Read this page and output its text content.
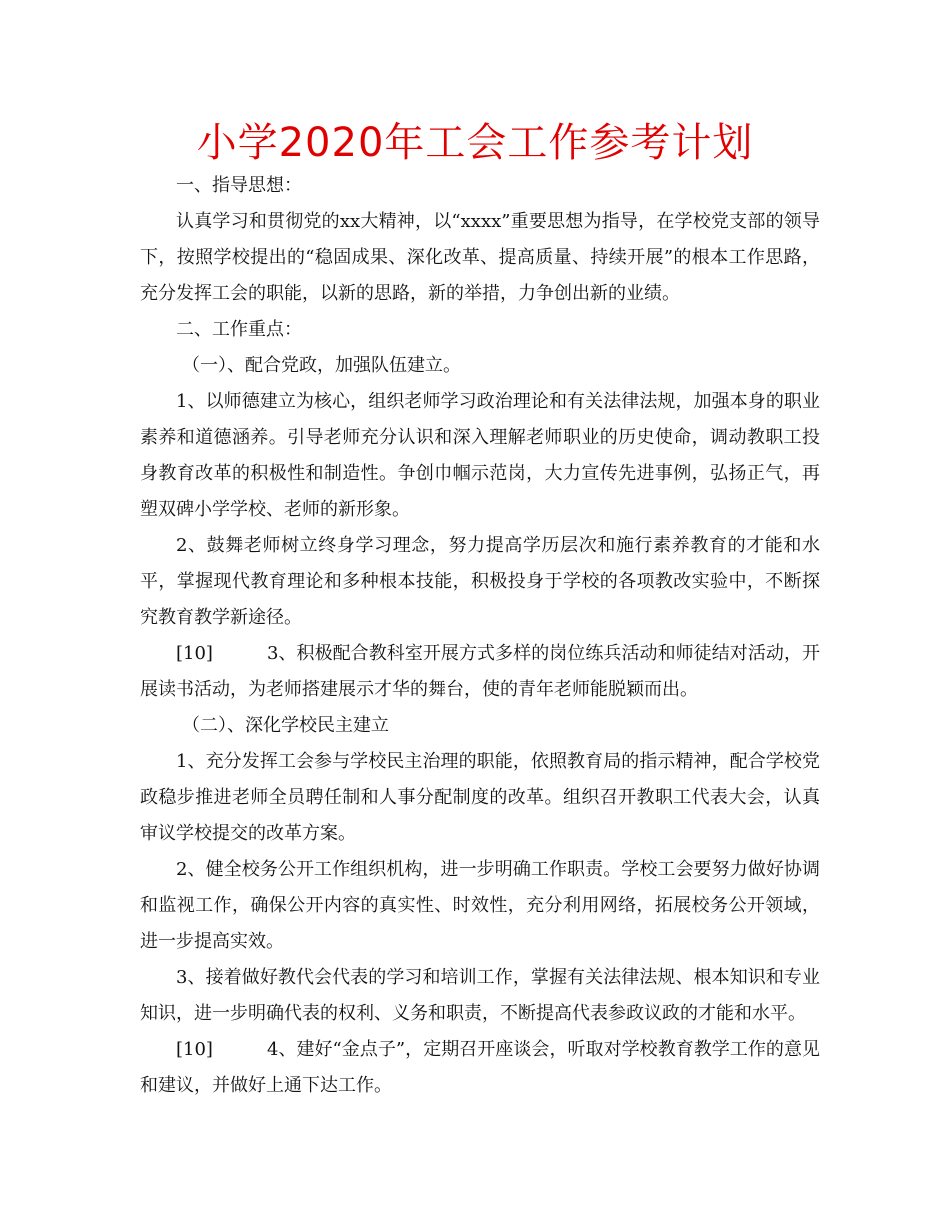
小学2020年工会工作参考计划

一、指导思想：

认真学习和贯彻党的xx大精神，以“xxxx”重要思想为指导，在学校党支部的领导下，按照学校提出的“稳固成果、深化改革、提高质量、持续开展”的根本工作思路，充分发挥工会的职能，以新的思路，新的举措，力争创出新的业绩。

二、工作重点：

（一）、配合党政，加强队伍建立。

1、以师德建立为核心，组织老师学习政治理论和有关法律法规，加强本身的职业素养和道德涵养。引导老师充分认识和深入理解老师职业的历史使命，调动教职工投身教育改革的积极性和制造性。争创巾帼示范岗，大力宣传先进事例，弘扬正气，再塑双碑小学学校、老师的新形象。

2、鼓舞老师树立终身学习理念，努力提高学历层次和施行素养教育的才能和水平，掌握现代教育理论和多种根本技能，积极投身于学校的各项教改实验中，不断探究教育教学新途径。

[10]	3、积极配合教科室开展方式多样的岗位练兵活动和师徒结对活动，开展读书活动，为老师搭建展示才华的舞台，使的青年老师能脱颖而出。

（二）、深化学校民主建立

1、充分发挥工会参与学校民主治理的职能，依照教育局的指示精神，配合学校党政稳步推进老师全员聘任制和人事分配制度的改革。组织召开教职工代表大会，认真审议学校提交的改革方案。

2、健全校务公开工作组织机构，进一步明确工作职责。学校工会要努力做好协调和监视工作，确保公开内容的真实性、时效性，充分利用网络，拓展校务公开领域，进一步提高实效。

3、接着做好教代会代表的学习和培训工作，掌握有关法律法规、根本知识和专业知识，进一步明确代表的权利、义务和职责，不断提高代表参政议政的才能和水平。

[10]	4、建好“金点子”，定期召开座谈会，听取对学校教育教学工作的意见和建议，并做好上通下达工作。
